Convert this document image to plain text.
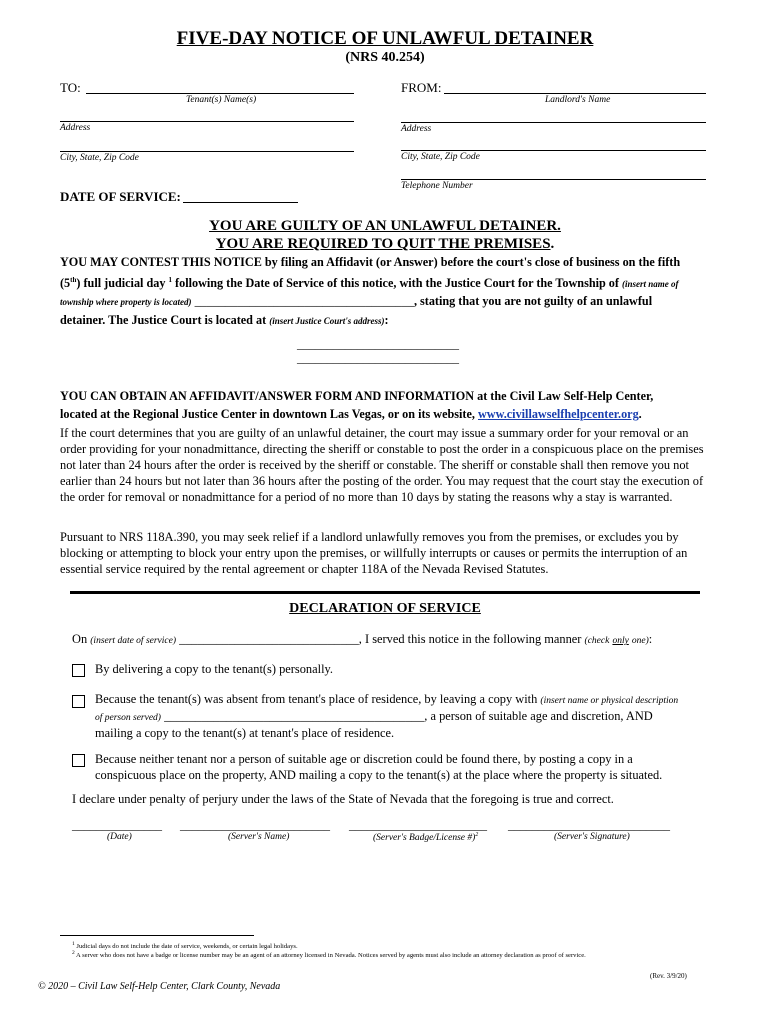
FIVE-DAY NOTICE OF UNLAWFUL DETAINER
(NRS 40.254)
TO:
Tenant(s) Name(s)
FROM:
Landlord's Name
Address	Address
City, State, Zip Code	City, State, Zip Code
Telephone Number
DATE OF SERVICE:
YOU ARE GUILTY OF AN UNLAWFUL DETAINER.
YOU ARE REQUIRED TO QUIT THE PREMISES.
YOU MAY CONTEST THIS NOTICE by filing an Affidavit (or Answer) before the court's close of business on the fifth
(5th) full judicial day $^1$ following the Date of Service of this notice, with the Justice Court for the Township of (insert name of
township where property is located) ____________________________________, stating that you are not guilty of an unlawful
detainer. The Justice Court is located at (insert Justice Court's address):
___________________________
___________________________
YOU CAN OBTAIN AN AFFIDAVIT/ANSWER FORM AND INFORMATION at the Civil Law Self-Help Center,
located at the Regional Justice Center in downtown Las Vegas, or on its website, www.civillawselfhelpcenter.org.
If the court determines that you are guilty of an unlawful detainer, the court may issue a summary order for your removal or an order providing for your nonadmittance, directing the sheriff or constable to post the order in a conspicuous place on the premises not later than 24 hours after the order is received by the sheriff or constable. The sheriff or constable shall then remove you not earlier than 24 hours but not later than 36 hours after the posting of the order. You may request that the court stay the execution of the order for removal or nonadmittance for a period of no more than 10 days by stating the reasons why a stay is warranted.
Pursuant to NRS 118A.390, you may seek relief if a landlord unlawfully removes you from the premises, or excludes you by blocking or attempting to block your entry upon the premises, or willfully interrupts or causes or permits the interruption of an essential service required by the rental agreement or chapter 118A of the Nevada Revised Statutes.
DECLARATION OF SERVICE
On (insert date of service) _____________________________, I served this notice in the following manner (check only one):
By delivering a copy to the tenant(s) personally.
Because the tenant(s) was absent from tenant's place of residence, by leaving a copy with (insert name or physical description
of person served) __________________________________________, a person of suitable age and discretion, AND
mailing a copy to the tenant(s) at tenant's place of residence.
Because neither tenant nor a person of suitable age or discretion could be found there, by posting a copy in a
conspicuous place on the property, AND mailing a copy to the tenant(s) at the place where the property is situated.
I declare under penalty of perjury under the laws of the State of Nevada that the foregoing is true and correct.
_______________ _________________________ _______________________ ___________________________
(Date)	(Server's Name)	(Server's Badge/License #)$^2$	(Server's Signature)
$^1$ Judicial days do not include the date of service, weekends, or certain legal holidays.
$^2$ A server who does not have a badge or license number may be an agent of an attorney licensed in Nevada. Notices served by agents must also include an attorney declaration as proof of service.
(Rev. 3/9/20)
© 2020 – Civil Law Self-Help Center, Clark County, Nevada
